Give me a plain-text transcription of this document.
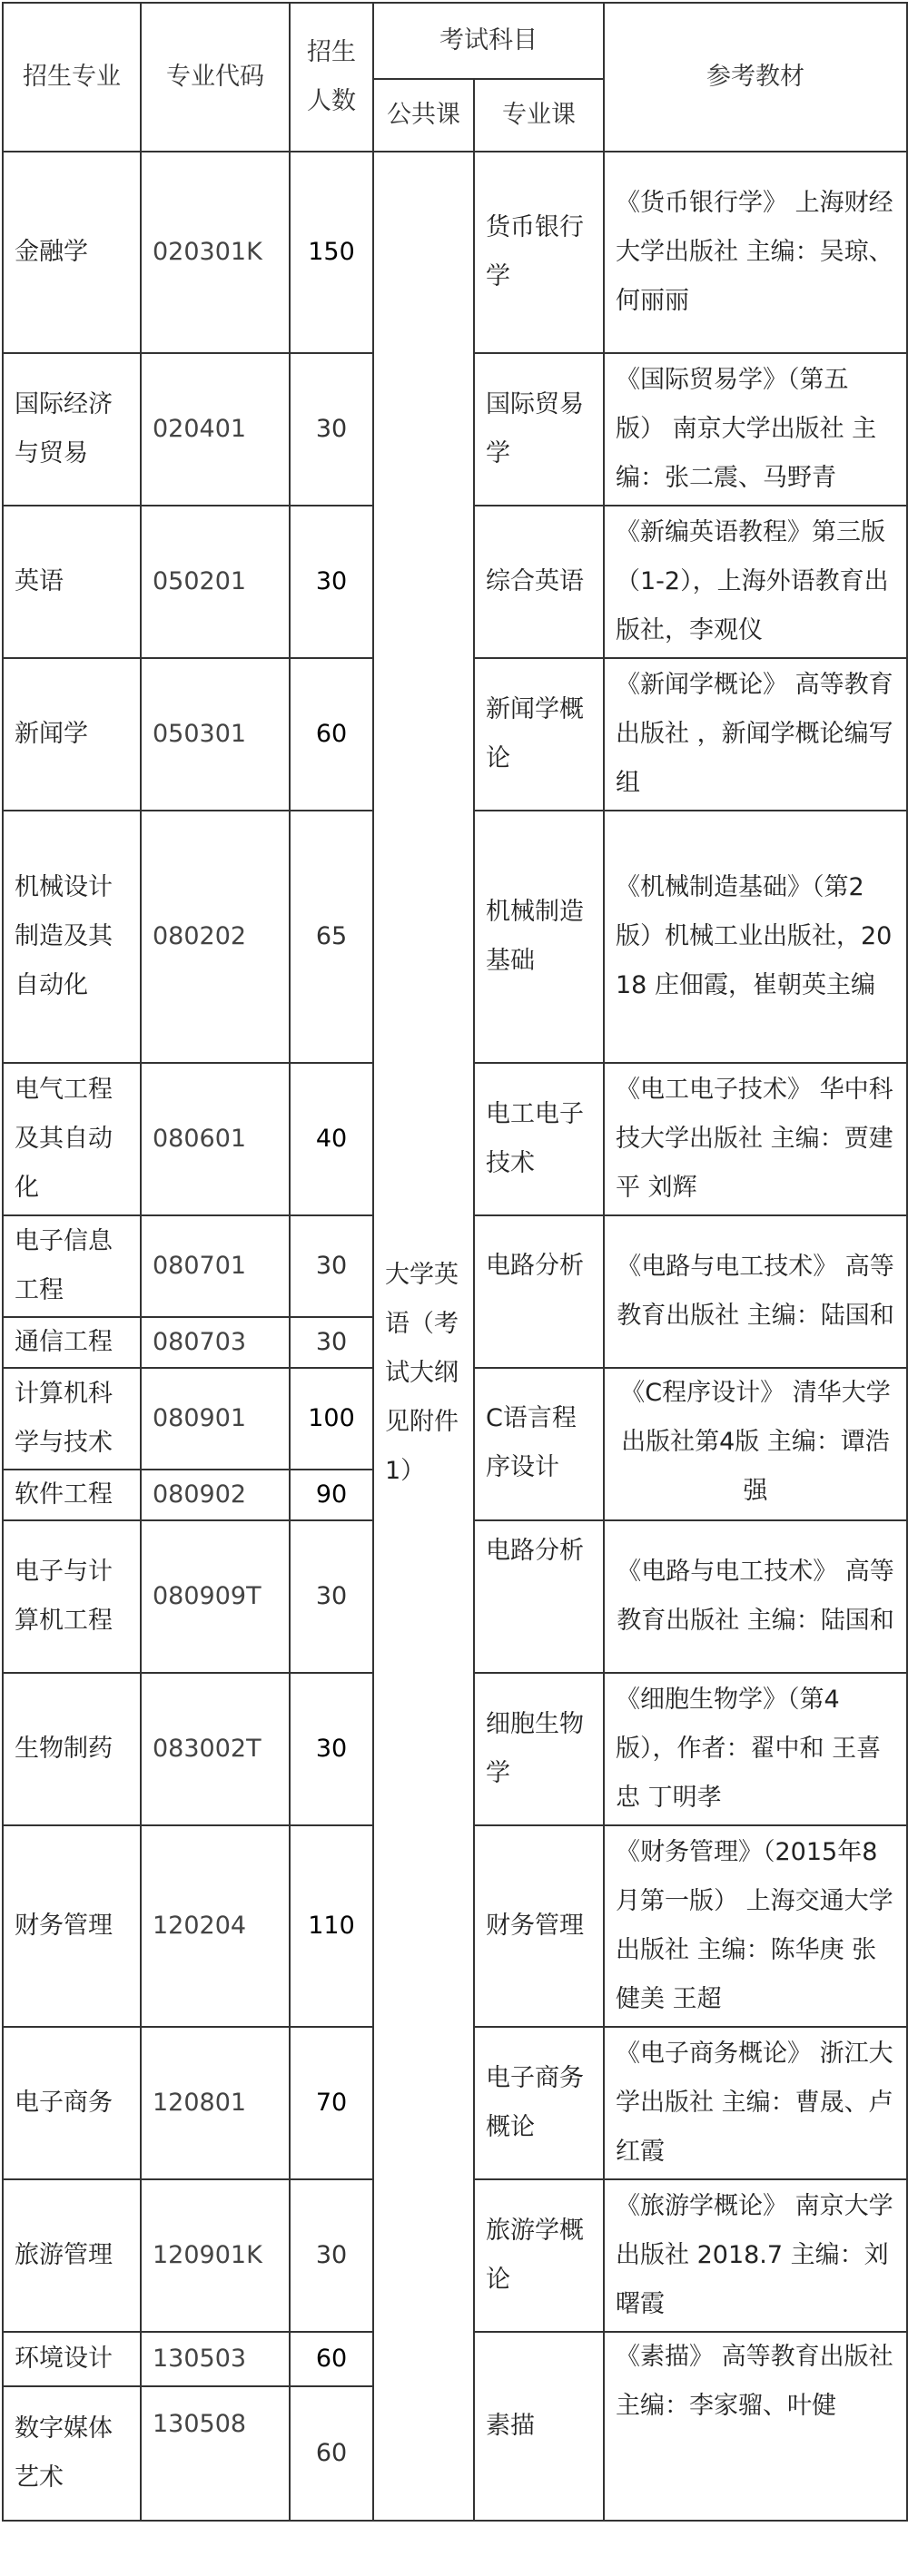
招生专业	专业代码	招生人数	考试科目		参考教材
			公共课	专业课	
金融学	020301K	150	大学英语（考试大纲见附件1）	货币银行学	《货币银行学》 上海财经大学出版社 主编：吴琼、何丽丽
国际经济与贸易	020401	30		国际贸易学	《国际贸易学》（第五版） 南京大学出版社 主编：张二震、马野青
英语	050201	30		综合英语	《新编英语教程》第三版（1-2），上海外语教育出版社，李观仪
新闻学	050301	60		新闻学概论	《新闻学概论》 高等教育出版社 ，新闻学概论编写组
机械设计制造及其自动化	080202	65		机械制造基础	《机械制造基础》（第2版）机械工业出版社，2018 庄佃霞，崔朝英主编
电气工程及其自动化	080601	40		电工电子技术	《电工电子技术》 华中科技大学出版社 主编：贾建平 刘辉
电子信息工程	080701	30		电路分析	《电路与电工技术》 高等教育出版社 主编：陆国和
通信工程	080703	30			
计算机科学与技术	080901	100		C语言程序设计	《C程序设计》 清华大学出版社第4版 主编：谭浩强
软件工程	080902	90			
电子与计算机工程	080909T	30		电路分析	《电路与电工技术》 高等教育出版社 主编：陆国和
生物制药	083002T	30		细胞生物学	《细胞生物学》（第4版），作者：翟中和 王喜忠 丁明孝
财务管理	120204	110		财务管理	《财务管理》（2015年8月第一版） 上海交通大学出版社 主编：陈华庚 张健美 王超
电子商务	120801	70		电子商务概论	《电子商务概论》 浙江大学出版社 主编：曹晟、卢红霞
旅游管理	120901K	30		旅游学概论	《旅游学概论》 南京大学出版社 2018.7 主编：刘曙霞
环境设计	130503	60		素描	《素描》 高等教育出版社 主编：李家骝、叶健
数字媒体艺术	130508	60			
